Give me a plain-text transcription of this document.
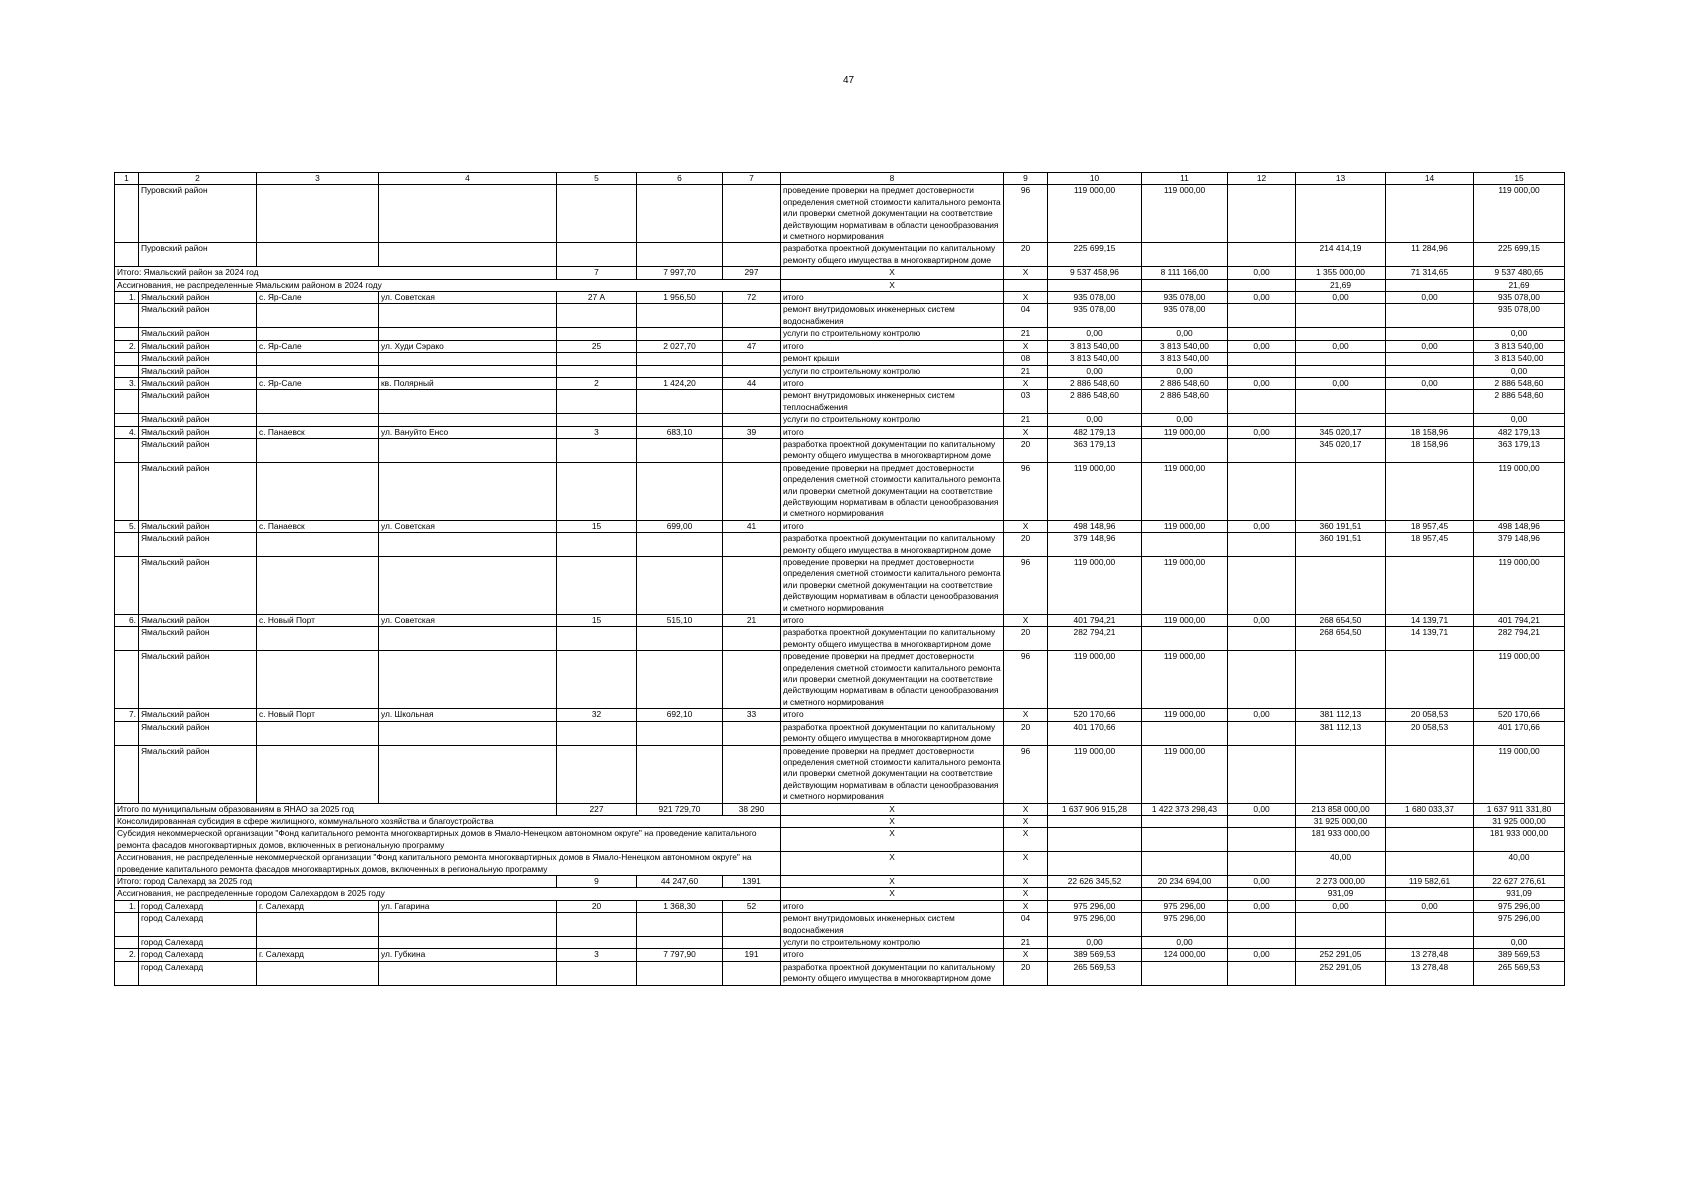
47
1	2	3	4	5	6	7	8	9	10	11	12	13	14	15
	Пуровский район						проведение проверки на предмет достоверности определения сметной стоимости капитального ремонта или проверки сметной документации на соответствие действующим нормативам в области ценообразования и сметного нормирования	96	119 000,00	119 000,00				119 000,00
	Пуровский район						разработка проектной документации по капитальному ремонту общего имущества в многоквартирном доме	20	225 699,15			214 414,19	11 284,96	225 699,15
Итого: Ямальский район за 2024 год				7	7 997,70	297	X	X	9 537 458,96	8 111 166,00	0,00	1 355 000,00	71 314,65	9 537 480,65
Ассигнования, не распределенные Ямальским районом в 2024 году							X					21,69		21,69
1.	Ямальский район	с. Яр-Сале	ул. Советская	27 А	1 956,50	72	итого	X	935 078,00	935 078,00	0,00	0,00	0,00	935 078,00
	Ямальский район						ремонт внутридомовых инженерных систем водоснабжения	04	935 078,00	935 078,00				935 078,00
	Ямальский район						услуги по строительному контролю	21	0,00	0,00				0,00
2.	Ямальский район	с. Яр-Сале	ул. Худи Сэрако	25	2 027,70	47	итого	X	3 813 540,00	3 813 540,00	0,00	0,00	0,00	3 813 540,00
	Ямальский район						ремонт крыши	08	3 813 540,00	3 813 540,00				3 813 540,00
	Ямальский район						услуги по строительному контролю	21	0,00	0,00				0,00
3.	Ямальский район	с. Яр-Сале	кв. Полярный	2	1 424,20	44	итого	X	2 886 548,60	2 886 548,60	0,00	0,00	0,00	2 886 548,60
	Ямальский район						ремонт внутридомовых инженерных систем теплоснабжения	03	2 886 548,60	2 886 548,60				2 886 548,60
	Ямальский район						услуги по строительному контролю	21	0,00	0,00				0,00
4.	Ямальский район	с. Панаевск	ул. Вануйто Енсо	3	683,10	39	итого	X	482 179,13	119 000,00	0,00	345 020,17	18 158,96	482 179,13
	Ямальский район						разработка проектной документации по капитальному ремонту общего имущества в многоквартирном доме	20	363 179,13			345 020,17	18 158,96	363 179,13
	Ямальский район						проведение проверки на предмет достоверности определения сметной стоимости капитального ремонта или проверки сметной документации на соответствие действующим нормативам в области ценообразования и сметного нормирования	96	119 000,00	119 000,00				119 000,00
5.	Ямальский район	с. Панаевск	ул. Советская	15	699,00	41	итого	X	498 148,96	119 000,00	0,00	360 191,51	18 957,45	498 148,96
	Ямальский район						разработка проектной документации по капитальному ремонту общего имущества в многоквартирном доме	20	379 148,96			360 191,51	18 957,45	379 148,96
	Ямальский район						проведение проверки на предмет достоверности определения сметной стоимости капитального ремонта или проверки сметной документации на соответствие действующим нормативам в области ценообразования и сметного нормирования	96	119 000,00	119 000,00				119 000,00
6.	Ямальский район	с. Новый Порт	ул. Советская	15	515,10	21	итого	X	401 794,21	119 000,00	0,00	268 654,50	14 139,71	401 794,21
	Ямальский район						разработка проектной документации по капитальному ремонту общего имущества в многоквартирном доме	20	282 794,21			268 654,50	14 139,71	282 794,21
	Ямальский район						проведение проверки на предмет достоверности определения сметной стоимости капитального ремонта или проверки сметной документации на соответствие действующим нормативам в области ценообразования и сметного нормирования	96	119 000,00	119 000,00				119 000,00
7.	Ямальский район	с. Новый Порт	ул. Школьная	32	692,10	33	итого	X	520 170,66	119 000,00	0,00	381 112,13	20 058,53	520 170,66
	Ямальский район						разработка проектной документации по капитальному ремонту общего имущества в многоквартирном доме	20	401 170,66			381 112,13	20 058,53	401 170,66
	Ямальский район						проведение проверки на предмет достоверности определения сметной стоимости капитального ремонта или проверки сметной документации на соответствие действующим нормативам в области ценообразования и сметного нормирования	96	119 000,00	119 000,00				119 000,00
Итого по муниципальным образованиям в ЯНАО за 2025 год				227	921 729,70	38 290	X	X	1 637 906 915,28	1 422 373 298,43	0,00	213 858 000,00	1 680 033,37	1 637 911 331,80
Консолидированная субсидия в сфере жилищного, коммунального хозяйства и благоустройства							X	X				31 925 000,00		31 925 000,00
Субсидия некоммерческой организации "Фонд капитального ремонта многоквартирных домов в Ямало-Ненецком автономном округе" на проведение капитального ремонта фасадов многоквартирных домов, включенных в региональную программу							X	X				181 933 000,00		181 933 000,00
Ассигнования, не распределенные некоммерческой организации "Фонд капитального ремонта многоквартирных домов в Ямало-Ненецком автономном округе" на проведение капитального ремонта фасадов многоквартирных домов, включенных в региональную программу							X	X				40,00		40,00
Итого: город Салехард за 2025 год				9	44 247,60	1391	X	X	22 626 345,52	20 234 694,00	0,00	2 273 000,00	119 582,61	22 627 276,61
Ассигнования, не распределенные городом Салехардом в 2025 году							X	X				931,09		931,09
1.	город Салехард	г. Салехард	ул. Гагарина	20	1 368,30	52	итого	X	975 296,00	975 296,00	0,00	0,00	0,00	975 296,00
	город Салехард						ремонт внутридомовых инженерных систем водоснабжения	04	975 296,00	975 296,00				975 296,00
	город Салехард						услуги по строительному контролю	21	0,00	0,00				0,00
2.	город Салехард	г. Салехард	ул. Губкина	3	7 797,90	191	итого	X	389 569,53	124 000,00	0,00	252 291,05	13 278,48	389 569,53
	город Салехард						разработка проектной документации по капитальному ремонту общего имущества в многоквартирном доме	20	265 569,53			252 291,05	13 278,48	265 569,53
